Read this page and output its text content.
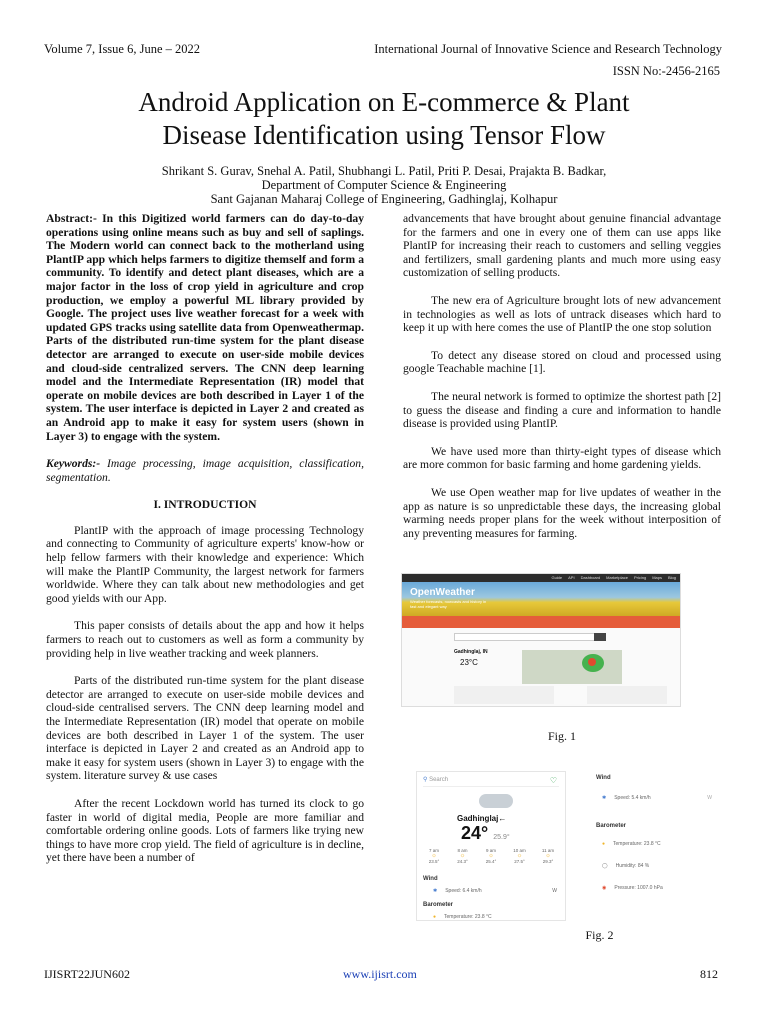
Volume 7, Issue 6, June – 2022	International Journal of Innovative Science and Research Technology
ISSN No:-2456-2165
Android Application on E-commerce & Plant
Disease Identification using Tensor Flow
Shrikant S. Gurav, Snehal A. Patil, Shubhangi L. Patil, Priti P. Desai, Prajakta B. Badkar,
Department of Computer Science & Engineering
Sant Gajanan Maharaj College of Engineering, Gadhinglaj, Kolhapur

Abstract:- In this Digitized world farmers can do day-to-day operations using online means such as buy and sell of saplings. The Modern world can connect back to the motherland using PlantIP app which helps farmers to digitize themself and form a community. To identify and detect plant diseases, which are a major factor in the loss of crop yield in agriculture and crop production, we employ a powerful ML library provided by Google. The project uses live weather forecast for a week with updated GPS tracks using satellite data from Openweathermap. Parts of the distributed run-time system for the plant disease detector are arranged to execute on user-side mobile devices and cloud-side centralized servers. The CNN deep learning model and the Intermediate Representation (IR) model that operate on mobile devices are both described in Layer 1 of the system. The user interface is depicted in Layer 2 and created as an Android app to make it easy for system users (shown in Layer 3) to engage with the system.

Keywords:- Image processing, image acquisition, classification, segmentation.

I. INTRODUCTION

PlantIP with the approach of image processing Technology and connecting to Community of agriculture experts' know-how or help fellow farmers with their knowledge and experience: Which will make the PlantIP Community, the largest network for farmers worldwide. Where they can talk about new methodologies and get good yields with our App.

This paper consists of details about the app and how it helps farmers to reach out to customers as well as form a community by providing help in live weather tracking and week planners.

Parts of the distributed run-time system for the plant disease detector are arranged to execute on user-side mobile devices and cloud-side centralised servers. The CNN deep learning model and the Intermediate Representation (IR) model that operate on mobile devices are both described in Layer 1 of the system. The user interface is depicted in Layer 2 and created as an Android app to make it easy for system users (shown in Layer 3) to engage with the system. literature survey & use cases

After the recent Lockdown world has turned its clock to go faster in world of digital media, People are more familiar and comfortable ordering online goods. Lots of farmers like trying new things to have more crop yield. The field of agriculture is in decline, yet there have been a number of

advancements that have brought about genuine financial advantage for the farmers and one in every one of them can use apps like PlantIP for increasing their reach to customers and selling veggies and fertilizers, small gardening plants and much more using easy customization of selling products.

The new era of Agriculture brought lots of new advancement in technologies as well as lots of untrack diseases which hard to keep it up with here comes the use of PlantIP the one stop solution

To detect any disease stored on cloud and processed using google Teachable machine [1].

The neural network is formed to optimize the shortest path [2] to guess the disease and finding a cure and information to handle disease is provided using PlantIP.

We have used more than thirty-eight types of disease which are more common for basic farming and home gardening yields.

We use Open weather map for live updates of weather in the app as nature is so unpredictable these days, the increasing global warming needs proper plans for the week without interposition of any preventing measures for farming.

Guide API Dashboard Marketplace Pricing Maps Blog
OpenWeather
Weather forecasts, nowcasts and history in fast and elegant way
Gadhinglaj, IN
23°C
⚲ Search	♡
Gadhinglaj←
24° 25.9°
7 am
☼
23.5°
8 am
☼
24.3°
9 am
☼
25.4°
10 am
☼
27.5°
11 am
☼
29.3°
Wind
✱ Speed: 6.4 km/h	W
Barometer
● Temperature: 23.8 °C
Wind
✱ Speed: 5.4 km/h	W
Barometer
● Temperature: 23.8 °C
◯ Humidity: 84 %
◉ Pressure: 1007.0 hPa

Fig. 1

Fig. 2

IJISRT22JUN602	www.ijisrt.com	812
